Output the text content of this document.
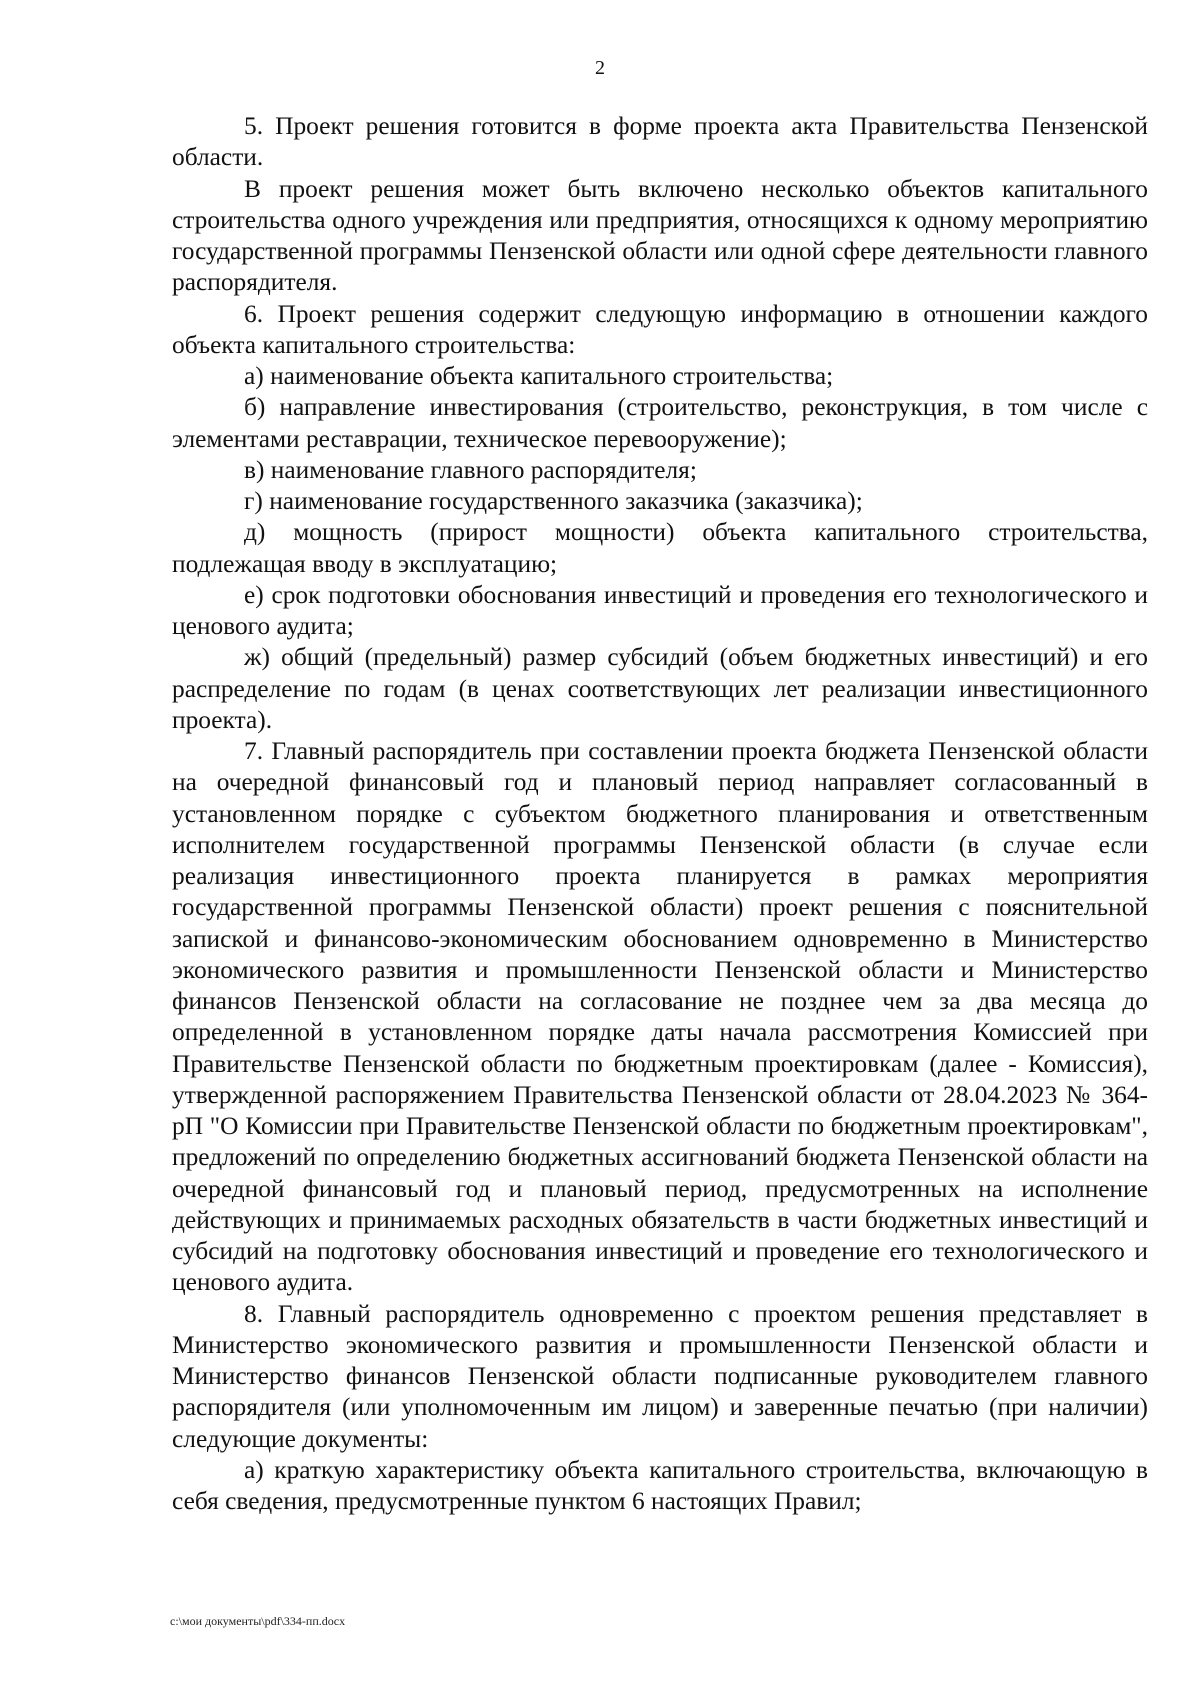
2

5. Проект решения готовится в форме проекта акта Правительства Пензенской области.

В проект решения может быть включено несколько объектов капитального строительства одного учреждения или предприятия, относящихся к одному мероприятию государственной программы Пензенской области или одной сфере деятельности главного распорядителя.

6. Проект решения содержит следующую информацию в отношении каждого объекта капитального строительства:

а) наименование объекта капитального строительства;

б) направление инвестирования (строительство, реконструкция, в том числе с элементами реставрации, техническое перевооружение);

в) наименование главного распорядителя;

г) наименование государственного заказчика (заказчика);

д) мощность (прирост мощности) объекта капитального строительства, подлежащая вводу в эксплуатацию;

е) срок подготовки обоснования инвестиций и проведения его технологического и ценового аудита;

ж) общий (предельный) размер субсидий (объем бюджетных инвестиций) и его распределение по годам (в ценах соответствующих лет реализации инвестиционного проекта).

7. Главный распорядитель при составлении проекта бюджета Пензенской области на очередной финансовый год и плановый период направляет согласованный в установленном порядке с субъектом бюджетного планирования и ответственным исполнителем государственной программы Пензенской области (в случае если реализация инвестиционного проекта планируется в рамках мероприятия государственной программы Пензенской области) проект решения с пояснительной запиской и финансово-экономическим обоснованием одновременно в Министерство экономического развития и промышленности Пензенской области и Министерство финансов Пензенской области на согласование не позднее чем за два месяца до определенной в установленном порядке даты начала рассмотрения Комиссией при Правительстве Пензенской области по бюджетным проектировкам (далее - Комиссия), утвержденной распоряжением Правительства Пензенской области от 28.04.2023 № 364-рП "О Комиссии при Правительстве Пензенской области по бюджетным проектировкам", предложений по определению бюджетных ассигнований бюджета Пензенской области на очередной финансовый год и плановый период, предусмотренных на исполнение действующих и принимаемых расходных обязательств в части бюджетных инвестиций и субсидий на подготовку обоснования инвестиций и проведение его технологического и ценового аудита.

8. Главный распорядитель одновременно с проектом решения представляет в Министерство экономического развития и промышленности Пензенской области и Министерство финансов Пензенской области подписанные руководителем главного распорядителя (или уполномоченным им лицом) и заверенные печатью (при наличии) следующие документы:

а) краткую характеристику объекта капитального строительства, включающую в себя сведения, предусмотренные пунктом 6 настоящих Правил;

c:\мои документы\pdf\334-пп.docx
